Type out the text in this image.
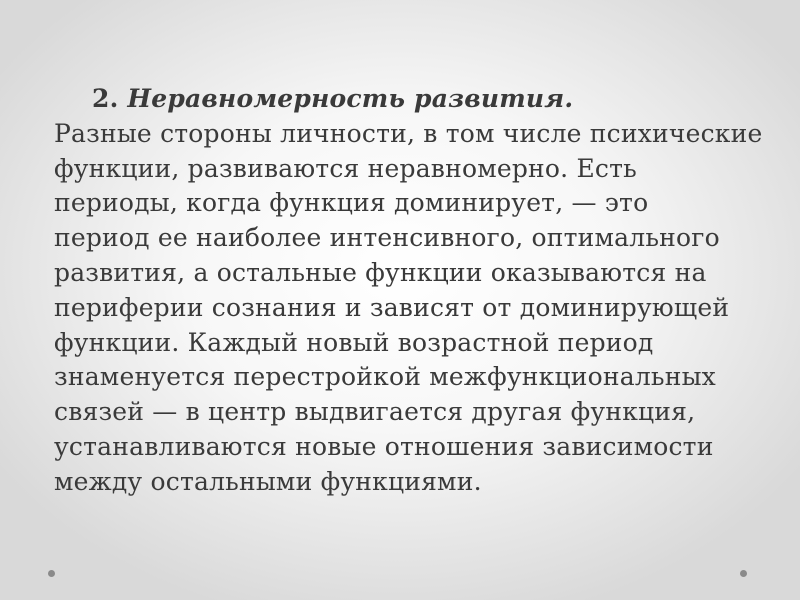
2. Неравномерность развития.
Разные стороны личности, в том числе психические
функции, развиваются неравномерно. Есть
периоды, когда функция доминирует, — это
период ее наиболее интенсивного, оптимального
развития, а остальные функции оказываются на
периферии сознания и зависят от доминирующей
функции. Каждый новый возрастной период
знаменуется перестройкой межфункциональных
связей — в центр выдвигается другая функция,
устанавливаются новые отношения зависимости
между остальными функциями.
